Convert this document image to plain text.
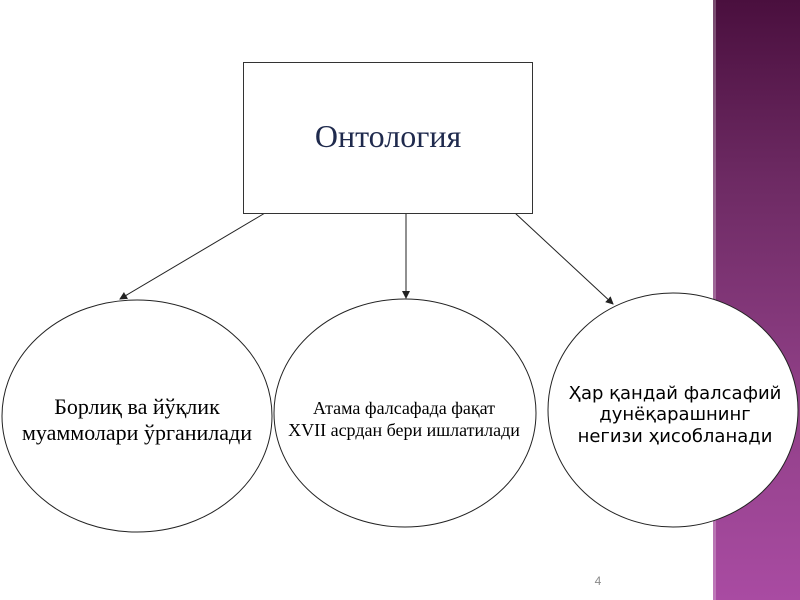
Онтология
Борлиқ ва йўқлик
муаммолари ўрганилади
Атама фалсафада фақат
XVII асрдан бери ишлатилади
Ҳар қандай фалсафий
дунёқарашнинг
негизи ҳисобланади
4
